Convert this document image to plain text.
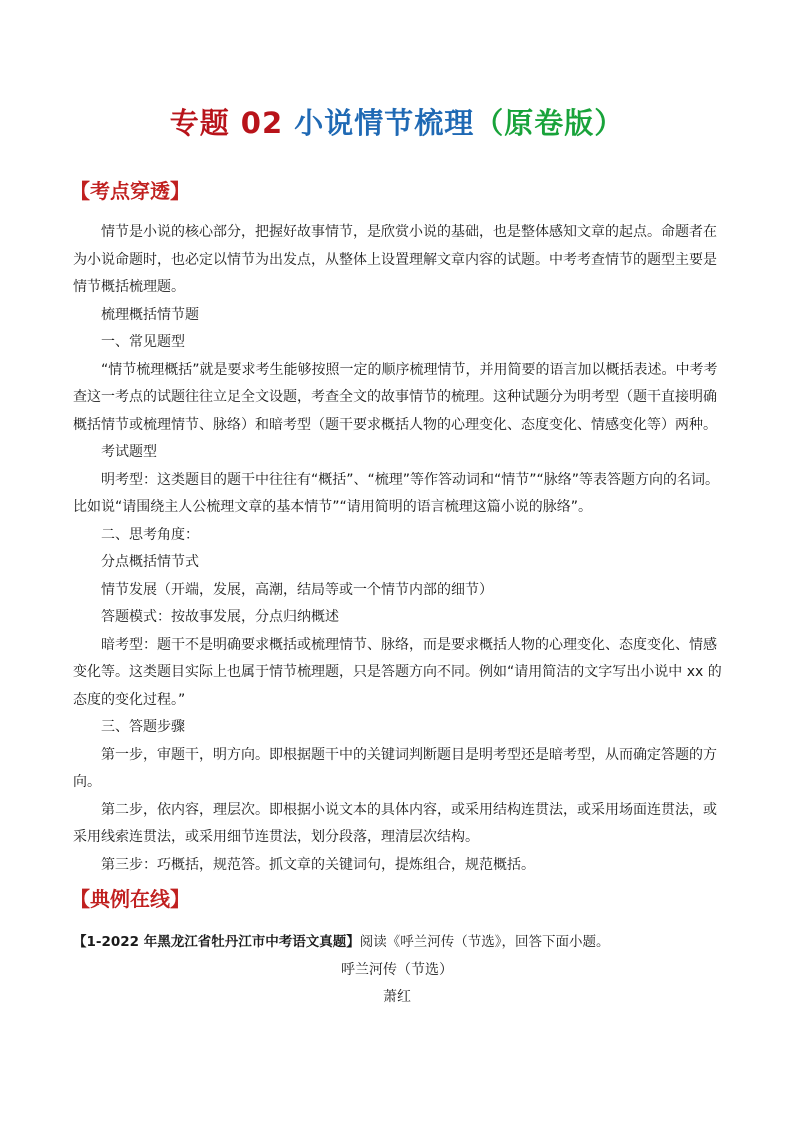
专题 02 小说情节梳理（原卷版）
【考点穿透】

情节是小说的核心部分，把握好故事情节，是欣赏小说的基础，也是整体感知文章的起点。命题者在为小说命题时，也必定以情节为出发点，从整体上设置理解文章内容的试题。中考考查情节的题型主要是情节概括梳理题。

梳理概括情节题

一、常见题型

“情节梳理概括”就是要求考生能够按照一定的顺序梳理情节，并用简要的语言加以概括表述。中考考查这一考点的试题往往立足全文设题，考查全文的故事情节的梳理。这种试题分为明考型（题干直接明确概括情节或梳理情节、脉络）和暗考型（题干要求概括人物的心理变化、态度变化、情感变化等）两种。

考试题型

明考型：这类题目的题干中往往有“概括”、“梳理”等作答动词和“情节”“脉络”等表答题方向的名词。比如说“请围绕主人公梳理文章的基本情节”“请用简明的语言梳理这篇小说的脉络”。

二、思考角度：

分点概括情节式

情节发展（开端，发展，高潮，结局等或一个情节内部的细节）

答题模式：按故事发展，分点归纳概述

暗考型：题干不是明确要求概括或梳理情节、脉络，而是要求概括人物的心理变化、态度变化、情感变化等。这类题目实际上也属于情节梳理题，只是答题方向不同。例如“请用简洁的文字写出小说中 xx 的态度的变化过程。”

三、答题步骤

第一步，审题干，明方向。即根据题干中的关键词判断题目是明考型还是暗考型，从而确定答题的方向。

第二步，依内容，理层次。即根据小说文本的具体内容，或采用结构连贯法，或采用场面连贯法，或采用线索连贯法，或采用细节连贯法，划分段落，理清层次结构。

第三步：巧概括，规范答。抓文章的关键词句，提炼组合，规范概括。

【典例在线】
【1-2022 年黑龙江省牡丹江市中考语文真题】阅读《呼兰河传（节选》，回答下面小题。
呼兰河传（节选）
萧红
